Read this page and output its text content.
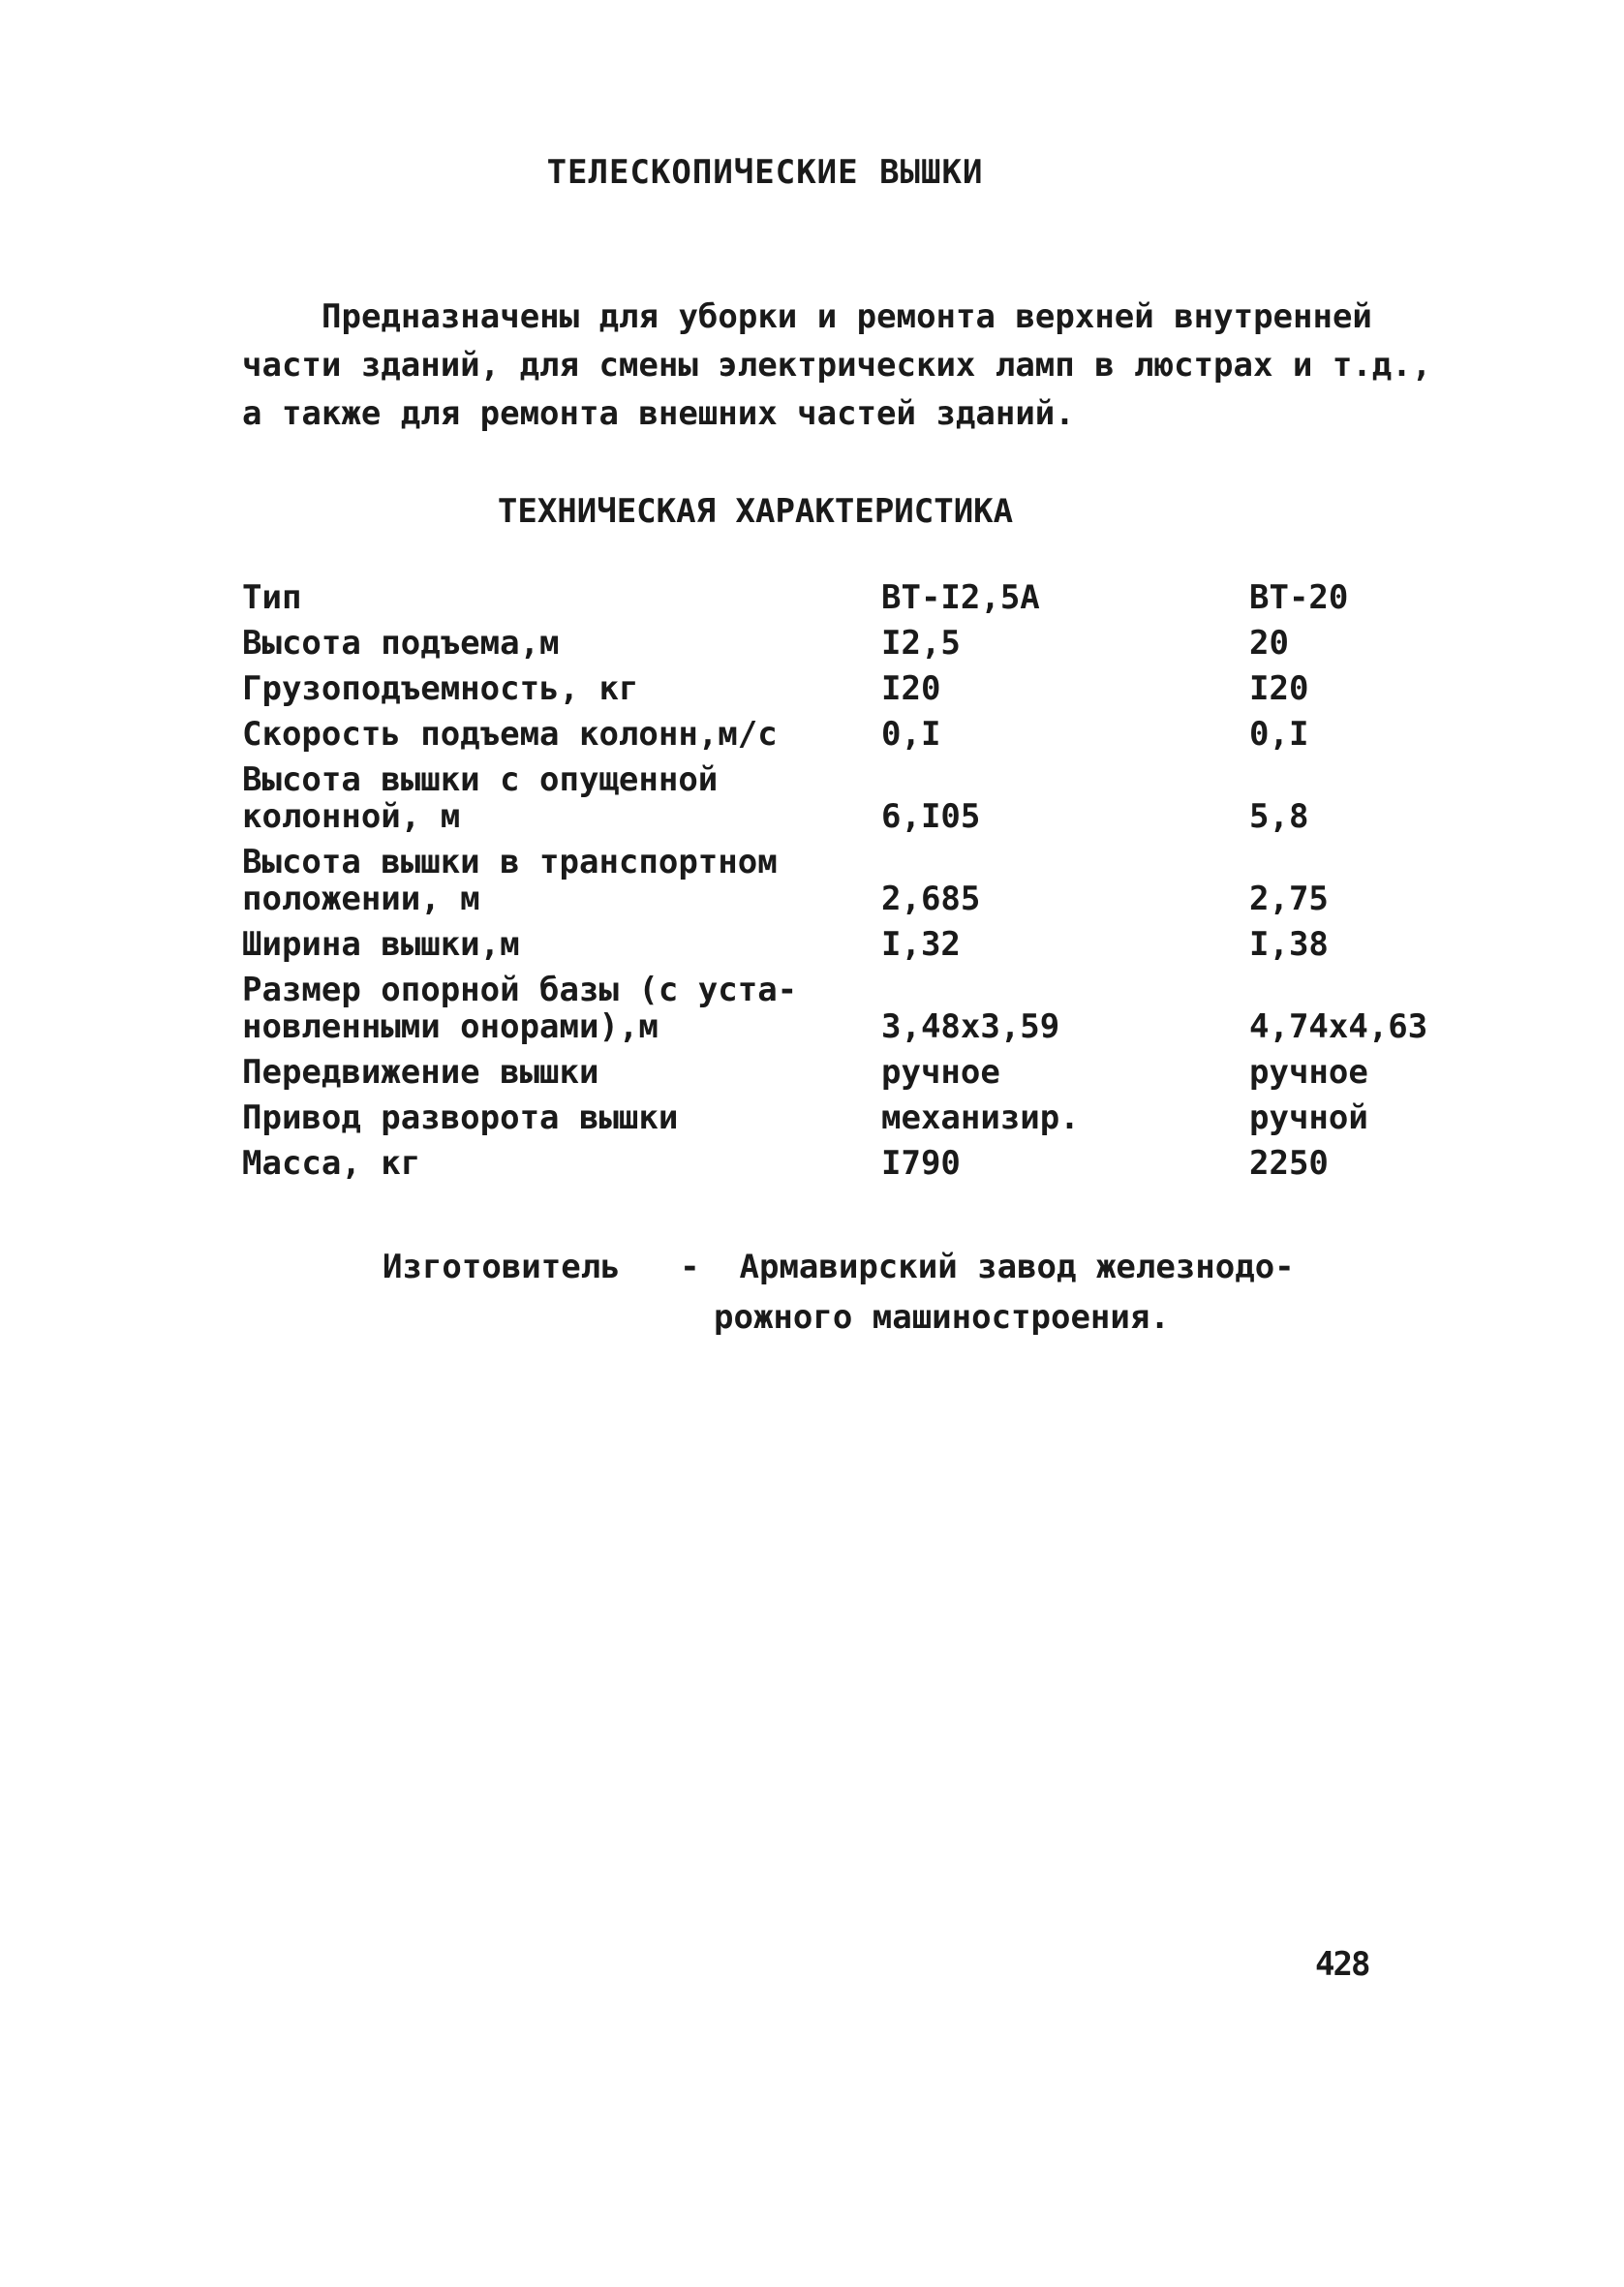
ТЕЛЕСКОПИЧЕСКИЕ ВЫШКИ

Предназначены для уборки и ремонта верхней внутренней

части зданий, для смены электрических ламп в люстрах и т.д.,

а также для ремонта внешних частей зданий.

ТЕХНИЧЕСКАЯ ХАРАКТЕРИСТИКА
Тип	ВТ-I2,5А	ВТ-20
Высота подъема,м	I2,5	20
Грузоподъемность, кг	I20	I20
Скорость подъема колонн,м/с	0,I	0,I
Высота вышки с опущенной
колонной, м	6,I05	5,8
Высота вышки в транспортном
положении, м	2,685	2,75
Ширина вышки,м	I,32	I,38
Размер опорной базы (с уста-
новленными онорами),м	3,48х3,59	4,74х4,63
Передвижение вышки	ручное	ручное
Привод разворота вышки	механизир.	ручной
Масса, кг	I790	2250
Изготовитель - Армавирский завод железнодо-
рожного машиностроения.
428
